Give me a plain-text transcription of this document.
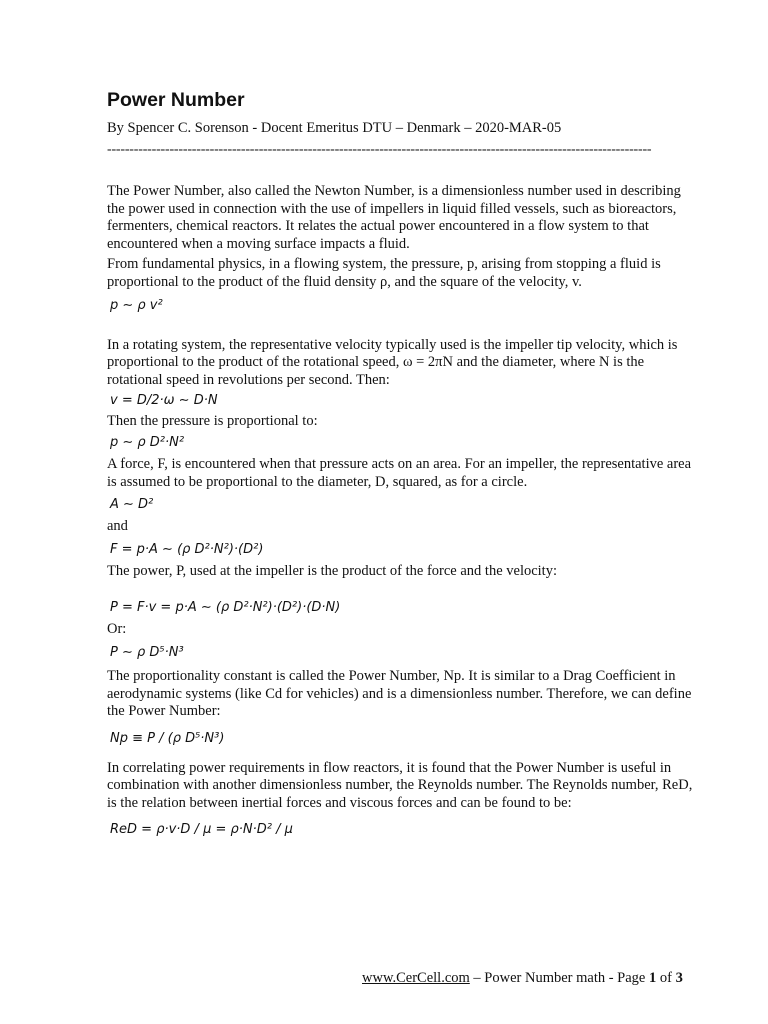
Power Number
By Spencer C. Sorenson - Docent Emeritus DTU – Denmark – 2020-MAR-05
--------------------------------------------------------------------------------------------------------------------------

The Power Number, also called the Newton Number, is a dimensionless number used in describing the power used in connection with the use of impellers in liquid filled vessels, such as bioreactors, fermenters, chemical reactors. It relates the actual power encountered in a flow system to that encountered when a moving surface impacts a fluid.

From fundamental physics, in a flowing system, the pressure, p, arising from stopping a fluid is proportional to the product of the fluid density ρ, and the square of the velocity, v.

p ∼ ρ v²

In a rotating system, the representative velocity typically used is the impeller tip velocity, which is proportional to the product of the rotational speed, ω = 2πN and the diameter, where N is the rotational speed in revolutions per second. Then:

v = D/2·ω ∼ D·N

Then the pressure is proportional to:

p ∼ ρ D²·N²

A force, F, is encountered when that pressure acts on an area. For an impeller, the representative area is assumed to be proportional to the diameter, D, squared, as for a circle.

A ∼ D²

and

F = p·A ∼ (ρ D²·N²)·(D²)

The power, P, used at the impeller is the product of the force and the velocity:

P = F·v = p·A ∼ (ρ D²·N²)·(D²)·(D·N)

Or:

P ∼ ρ D⁵·N³

The proportionality constant is called the Power Number, Np. It is similar to a Drag Coefficient in aerodynamic systems (like Cd for vehicles) and is a dimensionless number. Therefore, we can define the Power Number:

Np ≡ P / (ρ D⁵·N³)

In correlating power requirements in flow reactors, it is found that the Power Number is useful in combination with another dimensionless number, the Reynolds number. The Reynolds number, ReD, is the relation between inertial forces and viscous forces and can be found to be:

ReD = ρ·v·D / μ = ρ·N·D² / μ
www.CerCell.com – Power Number math - Page 1 of 3
